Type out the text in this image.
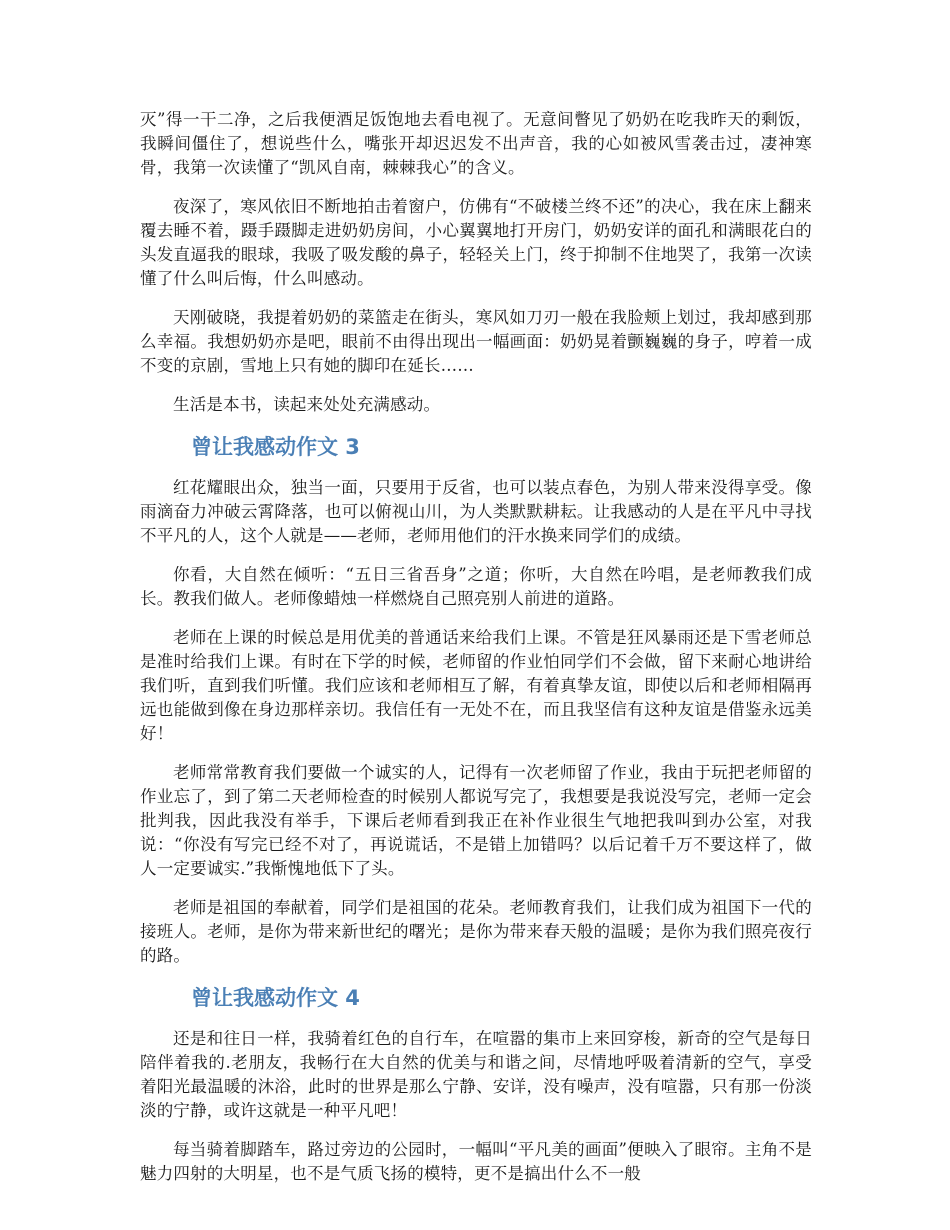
灭”得一干二净，之后我便酒足饭饱地去看电视了。无意间瞥见了奶奶在吃我昨天的剩饭，我瞬间僵住了，想说些什么，嘴张开却迟迟发不出声音，我的心如被风雪袭击过，凄神寒骨，我第一次读懂了“凯风自南，棘棘我心”的含义。

夜深了，寒风依旧不断地拍击着窗户，仿佛有“不破楼兰终不还”的决心，我在床上翻来覆去睡不着，蹑手蹑脚走进奶奶房间，小心翼翼地打开房门，奶奶安详的面孔和满眼花白的头发直逼我的眼球，我吸了吸发酸的鼻子，轻轻关上门，终于抑制不住地哭了，我第一次读懂了什么叫后悔，什么叫感动。

天刚破晓，我提着奶奶的菜篮走在街头，寒风如刀刃一般在我脸颊上划过，我却感到那么幸福。我想奶奶亦是吧，眼前不由得出现出一幅画面：奶奶晃着颤巍巍的身子，哼着一成不变的京剧，雪地上只有她的脚印在延长……

生活是本书，读起来处处充满感动。

曾让我感动作文 3

红花耀眼出众，独当一面，只要用于反省，也可以装点春色，为别人带来没得享受。像雨滴奋力冲破云霄降落，也可以俯视山川，为人类默默耕耘。让我感动的人是在平凡中寻找不平凡的人，这个人就是——老师，老师用他们的汗水换来同学们的成绩。

你看，大自然在倾听：“五日三省吾身”之道；你听，大自然在吟唱，是老师教我们成长。教我们做人。老师像蜡烛一样燃烧自己照亮别人前进的道路。

老师在上课的时候总是用优美的普通话来给我们上课。不管是狂风暴雨还是下雪老师总是准时给我们上课。有时在下学的时候，老师留的作业怕同学们不会做，留下来耐心地讲给我们听，直到我们听懂。我们应该和老师相互了解，有着真挚友谊，即使以后和老师相隔再远也能做到像在身边那样亲切。我信任有一无处不在，而且我坚信有这种友谊是借鉴永远美好！

老师常常教育我们要做一个诚实的人，记得有一次老师留了作业，我由于玩把老师留的作业忘了，到了第二天老师检查的时候别人都说写完了，我想要是我说没写完，老师一定会批判我，因此我没有举手，下课后老师看到我正在补作业很生气地把我叫到办公室，对我说：“你没有写完已经不对了，再说谎话，不是错上加错吗？以后记着千万不要这样了，做人一定要诚实.”我惭愧地低下了头。

老师是祖国的奉献着，同学们是祖国的花朵。老师教育我们，让我们成为祖国下一代的接班人。老师，是你为带来新世纪的曙光；是你为带来春天般的温暖；是你为我们照亮夜行的路。

曾让我感动作文 4

还是和往日一样，我骑着红色的自行车，在喧嚣的集市上来回穿梭，新奇的空气是每日陪伴着我的.老朋友，我畅行在大自然的优美与和谐之间，尽情地呼吸着清新的空气，享受着阳光最温暖的沐浴，此时的世界是那么宁静、安详，没有噪声，没有喧嚣，只有那一份淡淡的宁静，或许这就是一种平凡吧！

每当骑着脚踏车，路过旁边的公园时，一幅叫“平凡美的画面”便映入了眼帘。主角不是魅力四射的大明星，也不是气质飞扬的模特，更不是搞出什么不一般
